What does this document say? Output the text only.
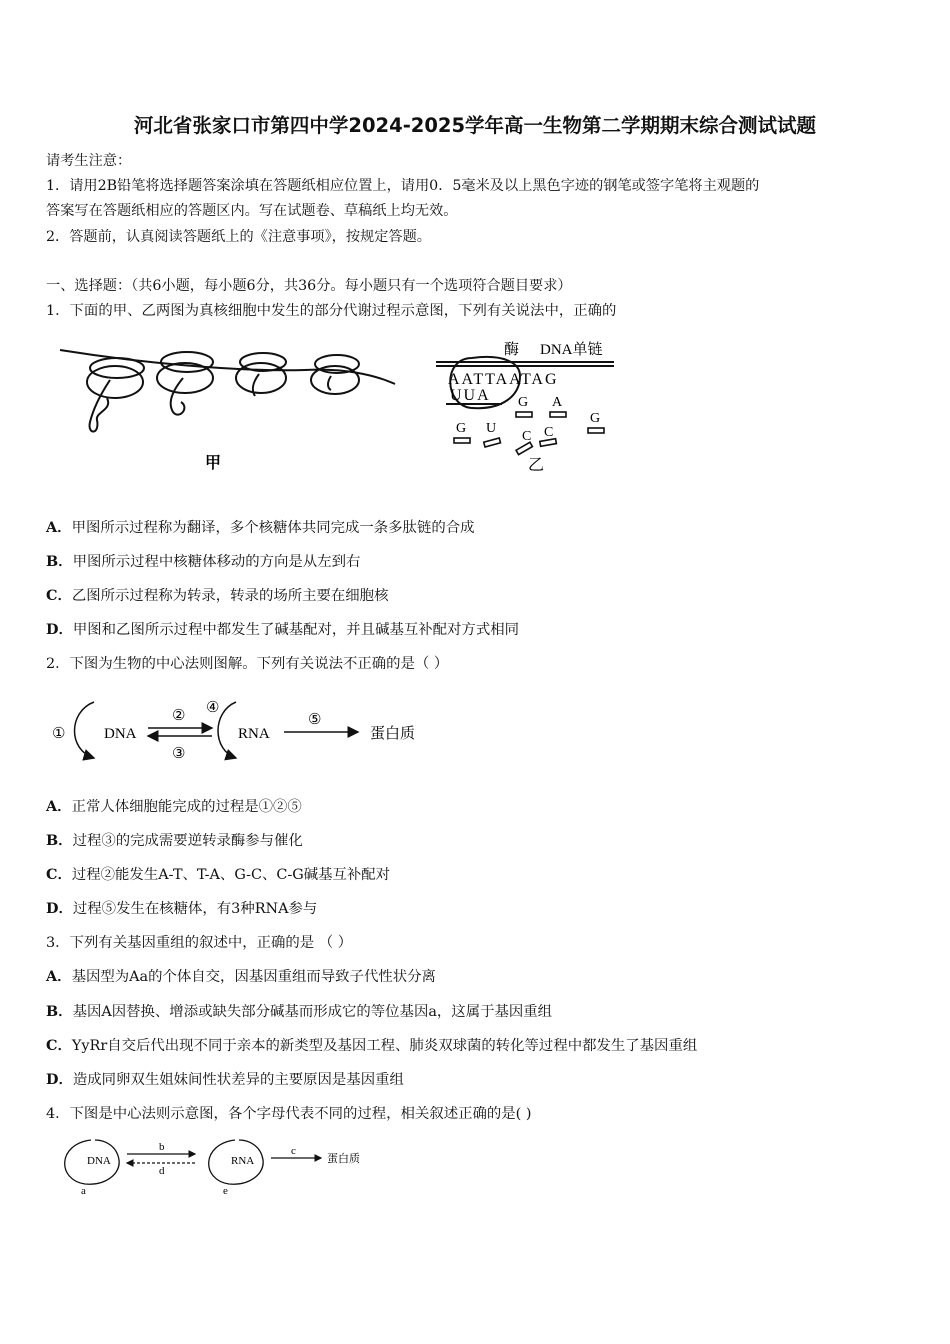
河北省张家口市第四中学2024-2025学年高一生物第二学期期末综合测试试题
请考生注意：
1．请用2B铅笔将选择题答案涂填在答题纸相应位置上，请用0．5毫米及以上黑色字迹的钢笔或签字笔将主观题的
答案写在答题纸相应的答题区内。写在试题卷、草稿纸上均无效。
2．答题前，认真阅读答题纸上的《注意事项》，按规定答题。
一、选择题：（共6小题，每小题6分，共36分。每小题只有一个选项符合题目要求）
1．下面的甲、乙两图为真核细胞中发生的部分代谢过程示意图，下列有关说法中，正确的
甲
酶 DNA单链
AATTAATAG
UUA G A
G
G U
C C
乙
A．甲图所示过程称为翻译，多个核糖体共同完成一条多肽链的合成
B．甲图所示过程中核糖体移动的方向是从左到右
C．乙图所示过程称为转录，转录的场所主要在细胞核
D．甲图和乙图所示过程中都发生了碱基配对，并且碱基互补配对方式相同
2．下图为生物的中心法则图解。下列有关说法不正确的是（ ）
①	DNA
②
③
④
RNA
⑤
蛋白质
A．正常人体细胞能完成的过程是①②⑤
B．过程③的完成需要逆转录酶参与催化
C．过程②能发生A-T、T-A、G-C、C-G碱基互补配对
D．过程⑤发生在核糖体，有3种RNA参与
3．下列有关基因重组的叙述中，正确的是 （ ）
A．基因型为Aa的个体自交，因基因重组而导致子代性状分离
B．基因A因替换、增添或缺失部分碱基而形成它的等位基因a，这属于基因重组
C．YyRr自交后代出现不同于亲本的新类型及基因工程、肺炎双球菌的转化等过程中都发生了基因重组
D．造成同卵双生姐妹间性状差异的主要原因是基因重组
4．下图是中心法则示意图，各个字母代表不同的过程，相关叙述正确的是( )
DNA
b
d
a
RNA
e
c
蛋白质
